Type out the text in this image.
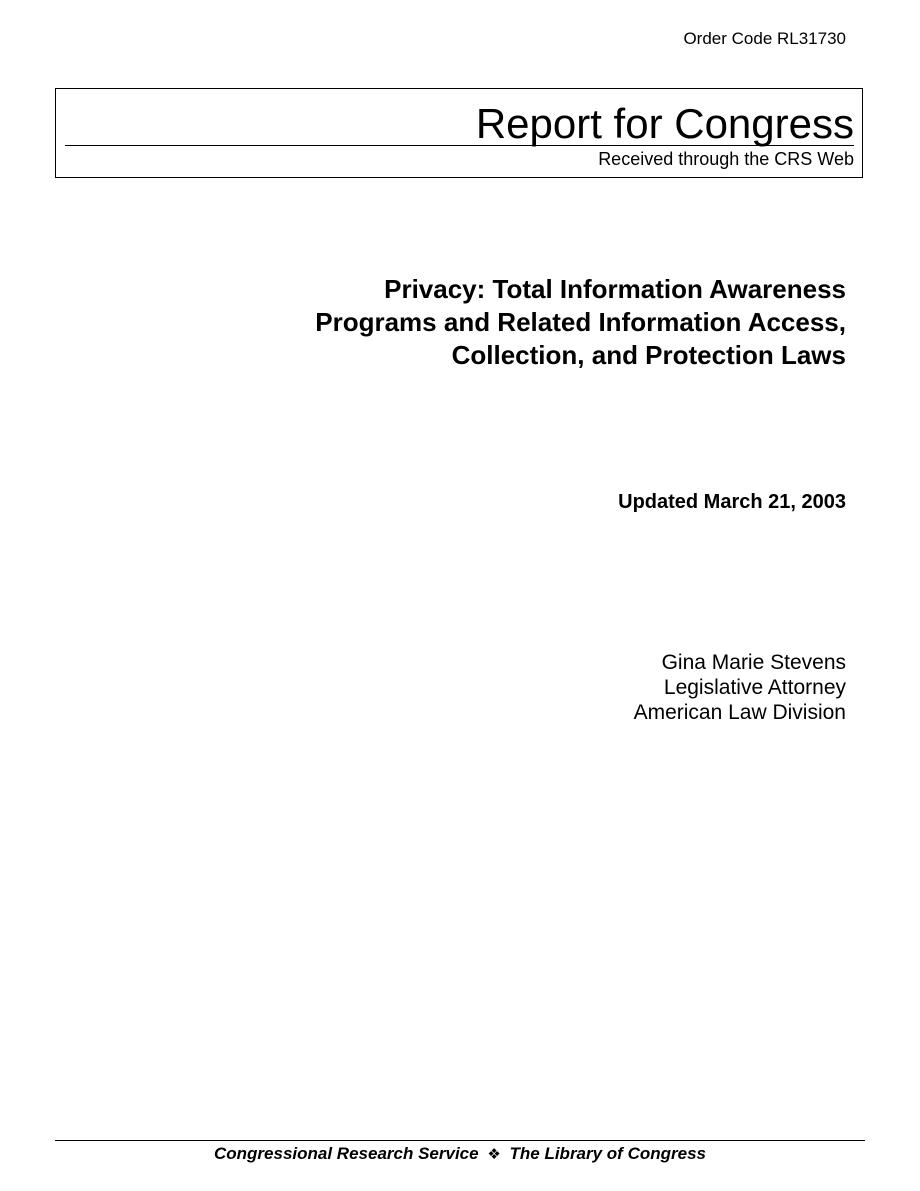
Order Code RL31730
Report for Congress
Received through the CRS Web
Privacy: Total Information Awareness
Programs and Related Information Access,
Collection, and Protection Laws
Updated March 21, 2003
Gina Marie Stevens
Legislative Attorney
American Law Division
Congressional Research Service ❖ The Library of Congress
